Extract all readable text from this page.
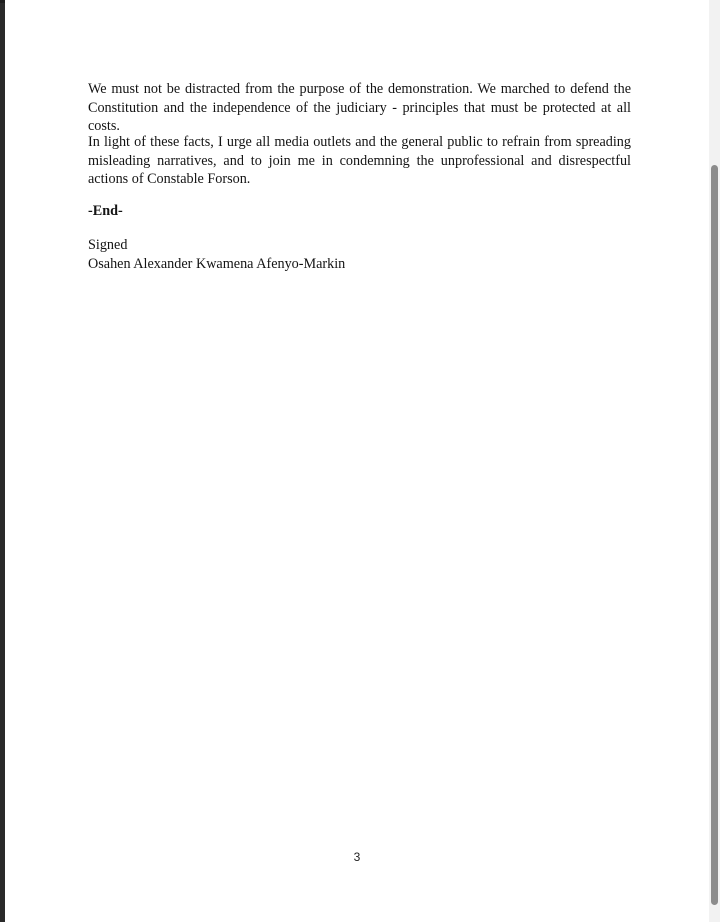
We must not be distracted from the purpose of the demonstration. We marched to defend the Constitution and the independence of the judiciary - principles that must be protected at all costs.

In light of these facts, I urge all media outlets and the general public to refrain from spreading misleading narratives, and to join me in condemning the unprofessional and disrespectful actions of Constable Forson.

-End-

Signed

Osahen Alexander Kwamena Afenyo-Markin

3
